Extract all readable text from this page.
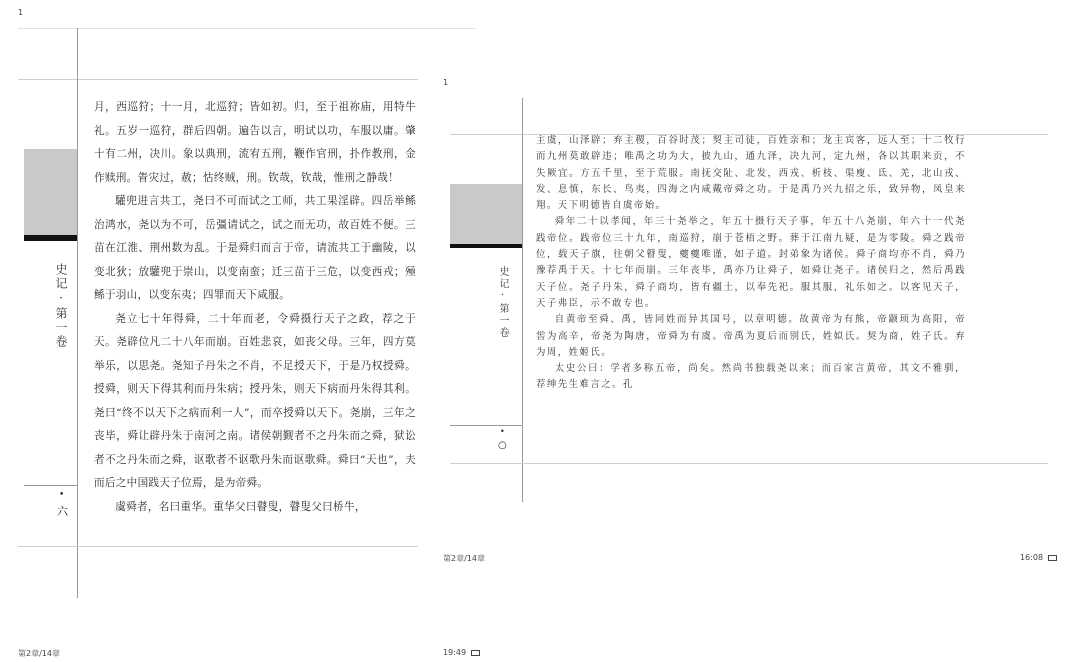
1
史记·第一卷
•
六

月，西巡狩；十一月，北巡狩；皆如初。归，至于祖祢庙，用特牛礼。五岁一巡狩，群后四朝。遍告以言，明试以功，车服以庸。肇十有二州，决川。象以典刑，流宥五刑，鞭作官刑，扑作教刑，金作赎刑。眚灾过，赦；怙终贼，刑。钦哉，钦哉，惟刑之静哉！

驩兜进言共工，尧曰不可而试之工师，共工果淫辟。四岳举鲧治鸿水，尧以为不可，岳彊请试之，试之而无功，故百姓不便。三苗在江淮、荆州数为乱。于是舜归而言于帝，请流共工于幽陵，以变北狄；放驩兜于崇山，以变南蛮；迁三苗于三危，以变西戎；殛鲧于羽山，以变东夷；四罪而天下咸服。

尧立七十年得舜，二十年而老，令舜摄行天子之政，荐之于天。尧辟位凡二十八年而崩。百姓悲哀，如丧父母。三年，四方莫举乐，以思尧。尧知子丹朱之不肖，不足授天下，于是乃权授舜。授舜，则天下得其利而丹朱病；授丹朱，则天下病而丹朱得其利。尧曰“终不以天下之病而利一人”，而卒授舜以天下。尧崩，三年之丧毕，舜让辟丹朱于南河之南。诸侯朝觐者不之丹朱而之舜，狱讼者不之丹朱而之舜，讴歌者不讴歌丹朱而讴歌舜。舜曰“天也”，夫而后之中国践天子位焉，是为帝舜。

虞舜者，名曰重华。重华父曰瞽叟，瞽叟父曰桥牛，

第2章/14章	19:49
1
史记·第一卷
•
○

主虞，山泽辟；弃主稷，百谷时茂；契主司徒，百姓亲和；龙主宾客，远人至；十二牧行而九州莫敢辟违；唯禹之功为大，披九山，通九泽，决九河，定九州，各以其职来贡，不失厥宜。方五千里，至于荒服。南抚交阯、北发，西戎、析枝、渠廋、氐、羌，北山戎、发、息慎，东长、鸟夷，四海之内咸戴帝舜之功。于是禹乃兴九招之乐，致异物，凤皇来翔。天下明德皆自虞帝始。

舜年二十以孝闻，年三十尧举之，年五十摄行天子事，年五十八尧崩，年六十一代尧践帝位。践帝位三十九年，南巡狩，崩于苍梧之野。葬于江南九疑，是为零陵。舜之践帝位，载天子旗，往朝父瞽叟，夔夔唯谨，如子道。封弟象为诸侯。舜子商均亦不肖，舜乃豫荐禹于天。十七年而崩。三年丧毕，禹亦乃让舜子，如舜让尧子。诸侯归之，然后禹践天子位。尧子丹朱，舜子商均，皆有疆土，以奉先祀。服其服，礼乐如之。以客见天子，天子弗臣，示不敢专也。

自黄帝至舜、禹，皆同姓而异其国号，以章明德。故黄帝为有熊，帝颛顼为高阳，帝喾为高辛，帝尧为陶唐，帝舜为有虞。帝禹为夏后而别氏，姓姒氏。契为商，姓子氏。弃为周，姓姬氏。

太史公曰：学者多称五帝，尚矣。然尚书独载尧以来；而百家言黄帝，其文不雅驯，荐绅先生难言之。孔

第2章/14章	16:08
